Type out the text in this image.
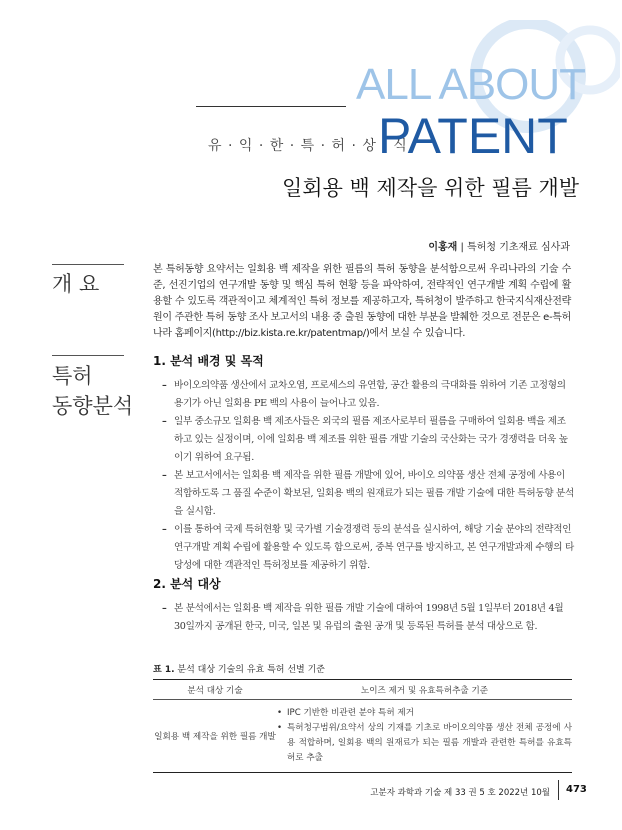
유 · 익 · 한 · 특 · 허 · 상 · 식
ALL ABOUT
PATENT
일회용 백 제작을 위한 필름 개발
이홍재 | 특허청 기초재료 심사과
개 요
특허
동향분석
본 특허동향 요약서는 일회용 백 제작을 위한 필름의 특허 동향을 분석함으로써 우리나라의 기술 수준, 선진기업의 연구개발 동향 및 핵심 특허 현황 등을 파악하여, 전략적인 연구개발 계획 수립에 활용할 수 있도록 객관적이고 체계적인 특허 정보를 제공하고자, 특허청이 발주하고 한국지식재산전략원이 주관한 특허 동향 조사 보고서의 내용 중 출원 동향에 대한 부분을 발췌한 것으로 전문은 e-특허나라 홈페이지(http://biz.kista.re.kr/patentmap/)에서 보실 수 있습니다.
1. 분석 배경 및 목적
– 바이오의약품 생산에서 교차오염, 프로세스의 유연함, 공간 활용의 극대화를 위하여 기존 고정형의 용기가 아닌 일회용 PE 백의 사용이 늘어나고 있음.
– 일부 중소규모 일회용 백 제조사들은 외국의 필름 제조사로부터 필름을 구매하여 일회용 백을 제조하고 있는 실정이며, 이에 일회용 백 제조를 위한 필름 개발 기술의 국산화는 국가 경쟁력을 더욱 높이기 위하여 요구됨.
– 본 보고서에서는 일회용 백 제작을 위한 필름 개발에 있어, 바이오 의약품 생산 전체 공정에 사용이 적합하도록 그 품질 수준이 확보된, 일회용 백의 원재료가 되는 필름 개발 기술에 대한 특허동향 분석을 실시함.
– 이를 통하여 국제 특허현황 및 국가별 기술경쟁력 등의 분석을 실시하여, 해당 기술 분야의 전략적인 연구개발 계획 수립에 활용할 수 있도록 함으로써, 중복 연구를 방지하고, 본 연구개발과제 수행의 타당성에 대한 객관적인 특허정보를 제공하기 위함.
2. 분석 대상
– 본 분석에서는 일회용 백 제작을 위한 필름 개발 기술에 대하여 1998년 5월 1일부터 2018년 4월 30일까지 공개된 한국, 미국, 일본 및 유럽의 출원 공개 및 등록된 특허를 분석 대상으로 함.
표 1. 분석 대상 기술의 유효 특허 선별 기준
분석 대상 기술	노이즈 제거 및 유효특허추출 기준
일회용 백 제작을 위한 필름 개발	• IPC 기반한 비관련 분야 특허 제거
• 특허청구범위/요약서 상의 기재를 기초로 바이오의약품 생산 전체 공정에 사용 적합하며, 일회용 백의 원재료가 되는 필름 개발과 관련한 특허를 유효특허로 추출
고분자 과학과 기술 제 33 권 5 호 2022년 10월 473
